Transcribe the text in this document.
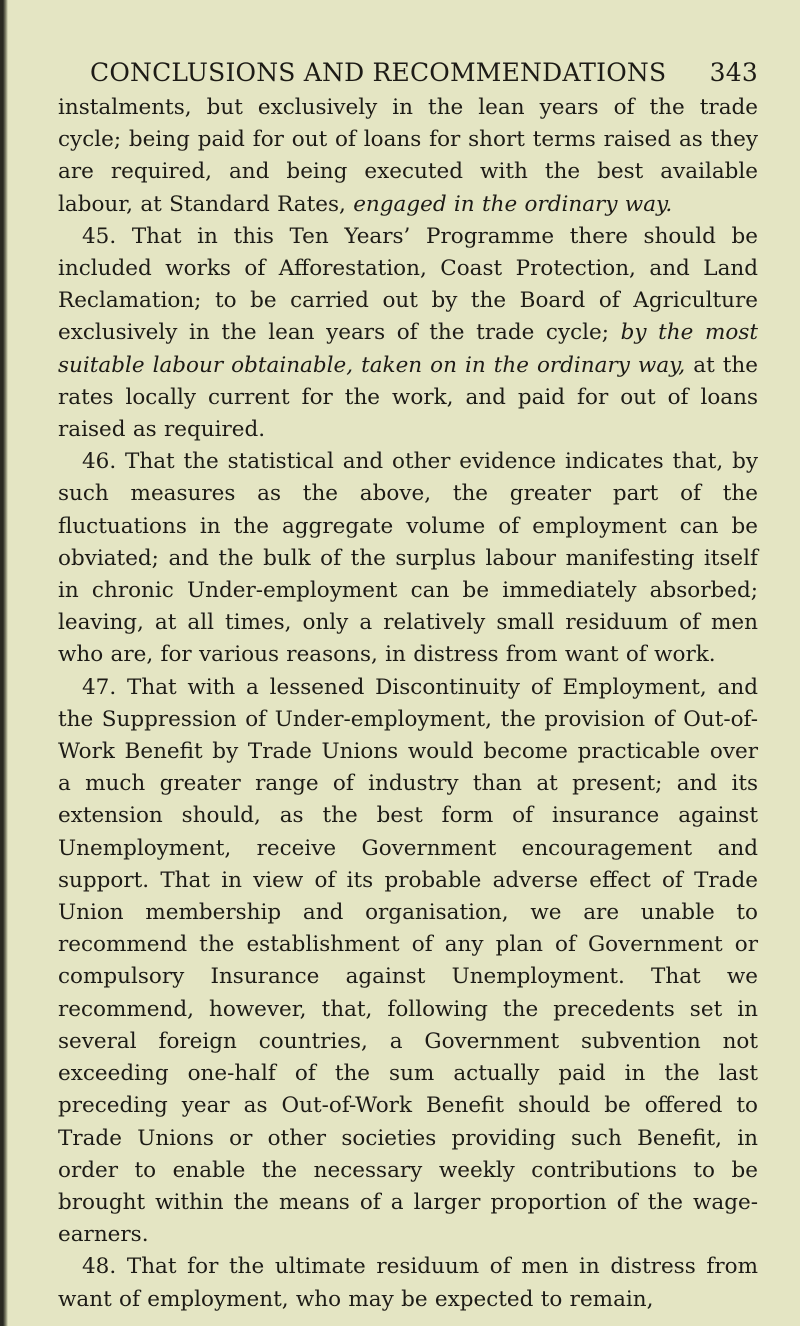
CONCLUSIONS AND RECOMMENDATIONS 343

instalments, but exclusively in the lean years of the trade cycle; being paid for out of loans for short terms raised as they are required, and being executed with the best available labour, at Standard Rates, engaged in the ordinary way.

45. That in this Ten Years’ Programme there should be included works of Afforestation, Coast Protection, and Land Reclamation; to be carried out by the Board of Agriculture exclusively in the lean years of the trade cycle; by the most suitable labour obtainable, taken on in the ordinary way, at the rates locally current for the work, and paid for out of loans raised as required.

46. That the statistical and other evidence indicates that, by such measures as the above, the greater part of the fluctuations in the aggregate volume of employment can be obviated; and the bulk of the surplus labour manifesting itself in chronic Under-employment can be immediately absorbed; leaving, at all times, only a relatively small residuum of men who are, for various reasons, in distress from want of work.

47. That with a lessened Discontinuity of Employment, and the Suppression of Under-employment, the provision of Out-of-Work Benefit by Trade Unions would become practicable over a much greater range of industry than at present; and its extension should, as the best form of insurance against Unemployment, receive Government encouragement and support. That in view of its probable adverse effect of Trade Union membership and organisation, we are unable to recommend the establishment of any plan of Government or compulsory Insurance against Unemployment. That we recommend, however, that, following the precedents set in several foreign countries, a Government subvention not exceeding one-half of the sum actually paid in the last preceding year as Out-of-Work Benefit should be offered to Trade Unions or other societies providing such Benefit, in order to enable the necessary weekly contributions to be brought within the means of a larger proportion of the wage-earners.

48. That for the ultimate residuum of men in distress from want of employment, who may be expected to remain,
